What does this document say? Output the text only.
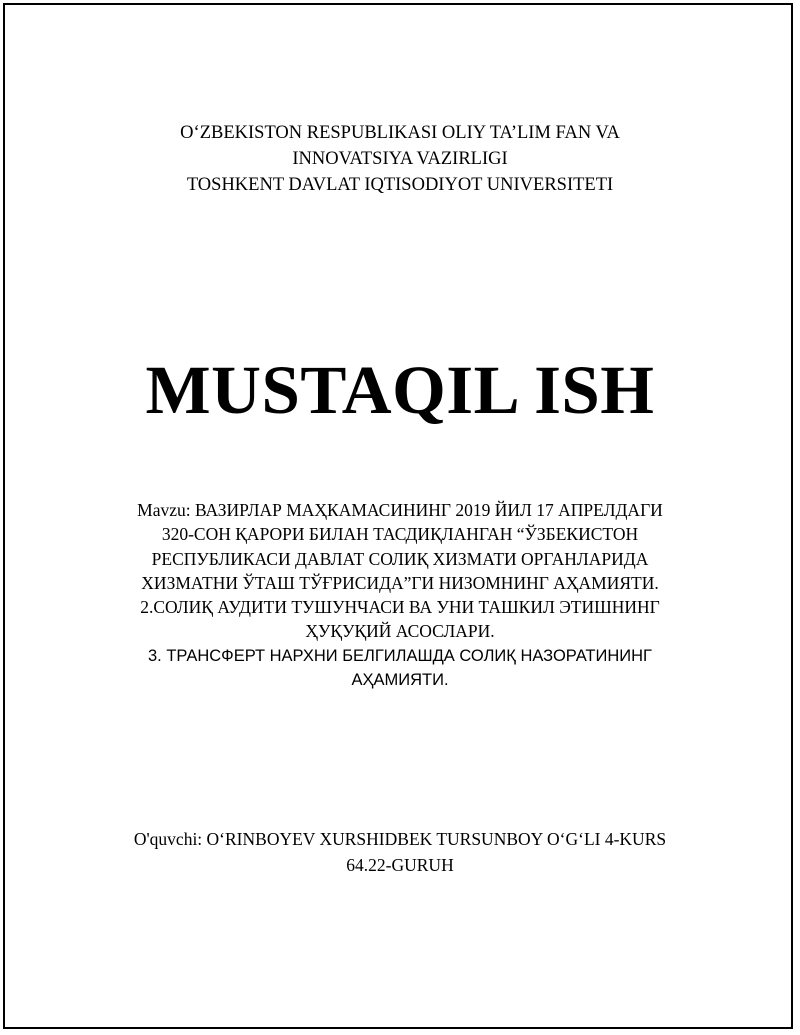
O‘ZBEKISTON RESPUBLIKASI OLIY TA’LIM FAN VA
INNOVATSIYA VAZIRLIGI
TOSHKENT DAVLAT IQTISODIYOT UNIVERSITETI
MUSTAQIL ISH
Mavzu: ВАЗИРЛАР МАҲКАМАСИНИНГ 2019 ЙИЛ 17 АПРЕЛДАГИ
320-СОН ҚАРОРИ БИЛАН ТАСДИҚЛАНГАН “ЎЗБЕКИСТОН
РЕСПУБЛИКАСИ ДАВЛАТ СОЛИҚ ХИЗМАТИ ОРГАНЛАРИДА
ХИЗМАТНИ ЎТАШ ТЎҒРИСИДА”ГИ НИЗОМНИНГ АҲАМИЯТИ.
2.СОЛИҚ АУДИТИ ТУШУНЧАСИ ВА УНИ ТАШКИЛ ЭТИШНИНГ
ҲУҚУҚИЙ АСОСЛАРИ.
3. ТРАНСФЕРТ НАРХНИ БЕЛГИЛАШДА СОЛИҚ НАЗОРАТИНИНГ
АҲАМИЯТИ.
O'quvchi: O‘RINBOYEV XURSHIDBEK TURSUNBOY O‘G‘LI 4-KURS
64.22-GURUH
